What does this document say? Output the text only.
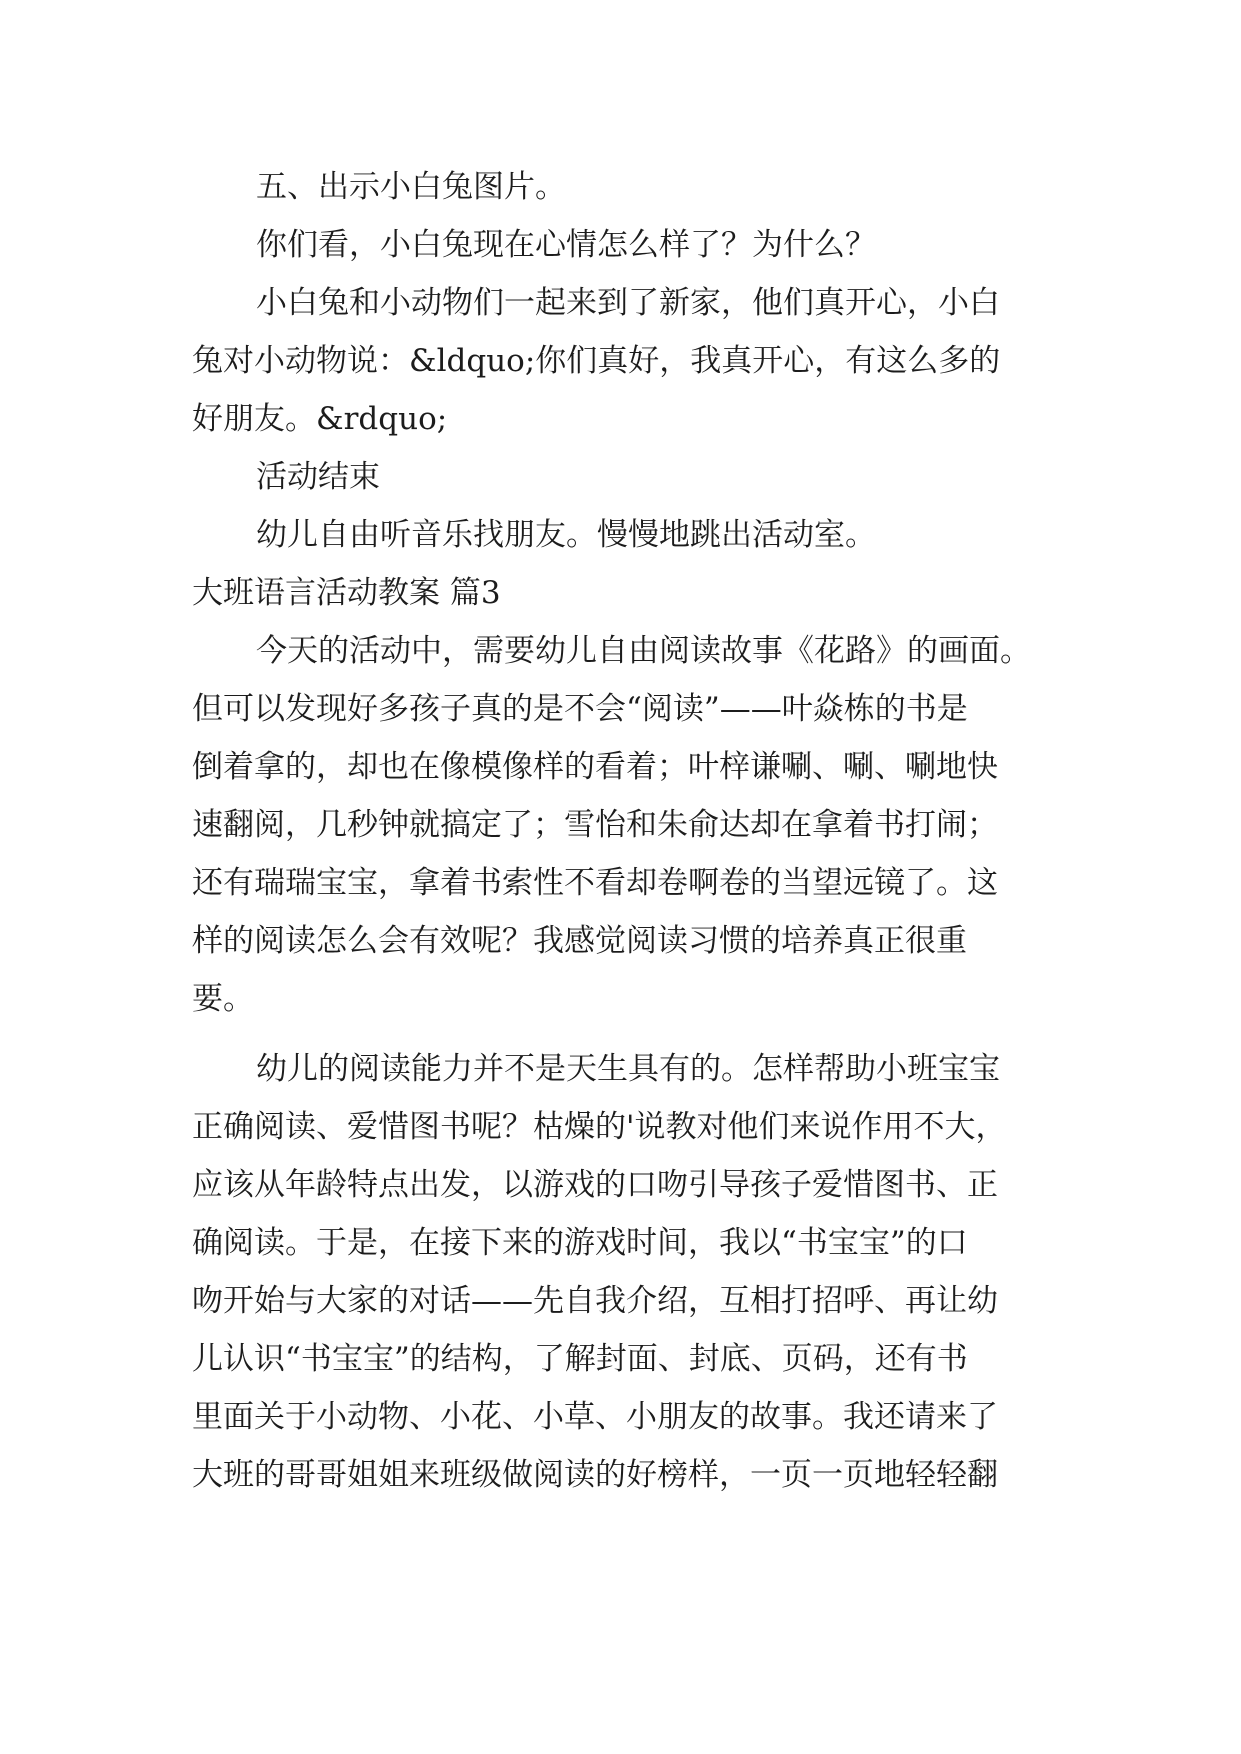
五、出示小白兔图片。
你们看，小白兔现在心情怎么样了？为什么？
小白兔和小动物们一起来到了新家，他们真开心，小白
兔对小动物说：&ldquo;你们真好，我真开心，有这么多的
好朋友。&rdquo;
活动结束
幼儿自由听音乐找朋友。慢慢地跳出活动室。
大班语言活动教案 篇3
今天的活动中，需要幼儿自由阅读故事《花路》的画面。
但可以发现好多孩子真的是不会“阅读”——叶焱栋的书是
倒着拿的，却也在像模像样的看着；叶梓谦唰、唰、唰地快
速翻阅，几秒钟就搞定了；雪怡和朱俞达却在拿着书打闹；
还有瑞瑞宝宝，拿着书索性不看却卷啊卷的当望远镜了。这
样的阅读怎么会有效呢？我感觉阅读习惯的培养真正很重
要。
幼儿的阅读能力并不是天生具有的。怎样帮助小班宝宝
正确阅读、爱惜图书呢？枯燥的'说教对他们来说作用不大，
应该从年龄特点出发，以游戏的口吻引导孩子爱惜图书、正
确阅读。于是，在接下来的游戏时间，我以“书宝宝”的口
吻开始与大家的对话——先自我介绍，互相打招呼、再让幼
儿认识“书宝宝”的结构，了解封面、封底、页码，还有书
里面关于小动物、小花、小草、小朋友的故事。我还请来了
大班的哥哥姐姐来班级做阅读的好榜样，一页一页地轻轻翻
